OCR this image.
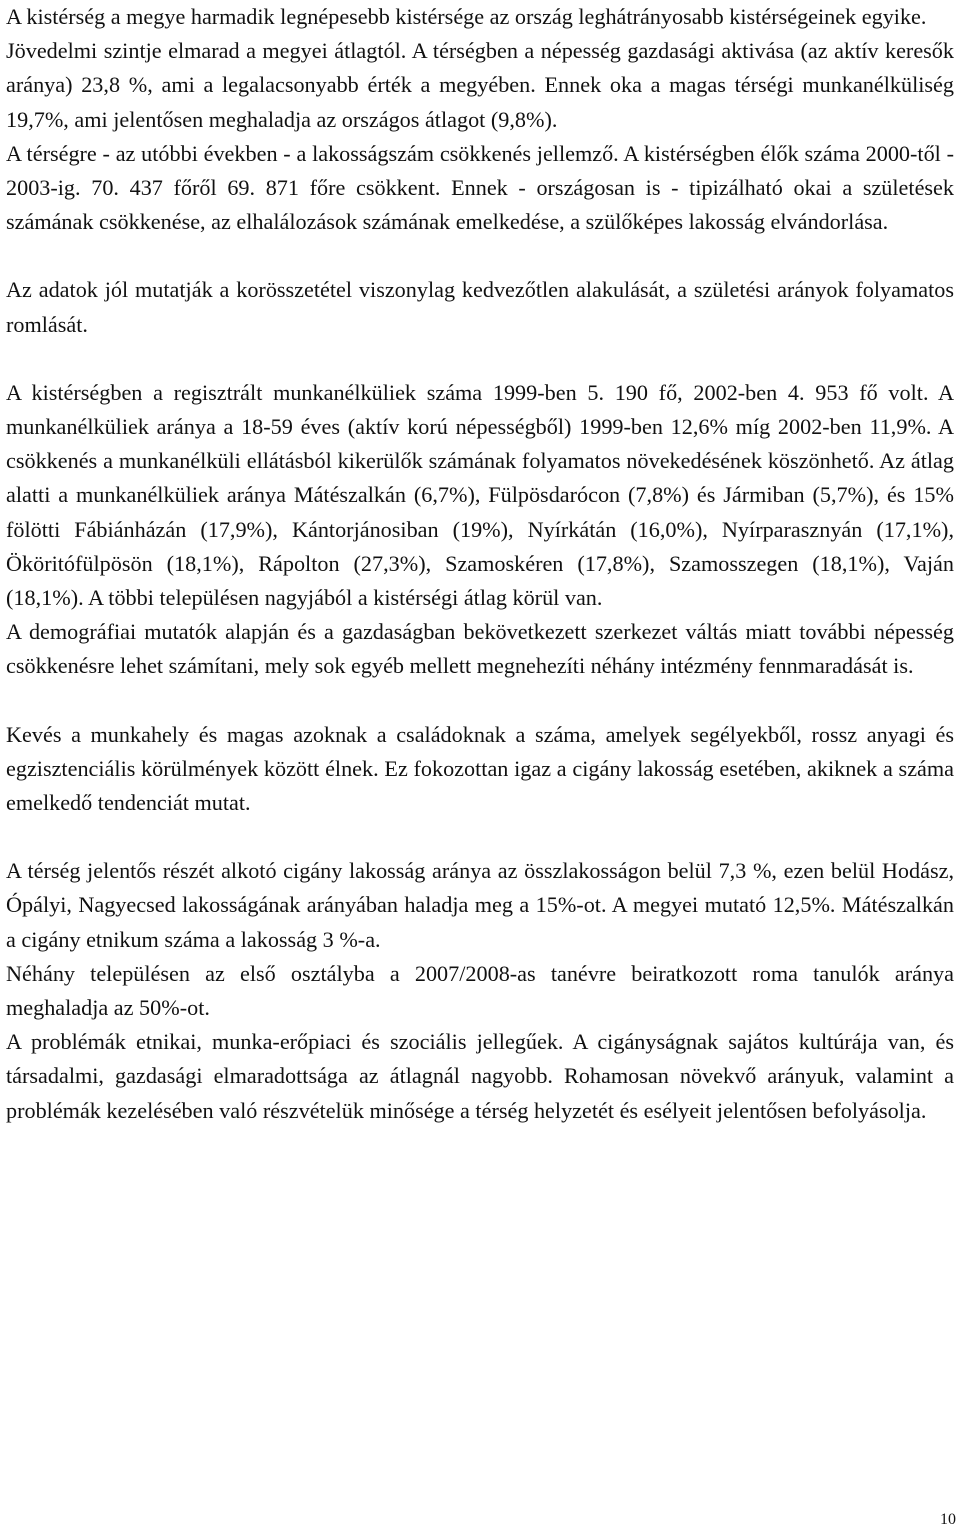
A kistérség a megye harmadik legnépesebb kistérsége az ország leghátrányosabb kistérségeinek egyike.

Jövedelmi szintje elmarad a megyei átlagtól. A térségben a népesség gazdasági aktivása (az aktív keresők aránya) 23,8 %, ami a legalacsonyabb érték a megyében. Ennek oka a magas térségi munkanélküliség 19,7%, ami jelentősen meghaladja az országos átlagot (9,8%).

A térségre - az utóbbi években - a lakosságszám csökkenés jellemző. A kistérségben élők száma 2000-től - 2003-ig. 70. 437 főről 69. 871 főre csökkent. Ennek - országosan is - tipizálható okai a születések számának csökkenése, az elhalálozások számának emelkedése, a szülőképes lakosság elvándorlása.

Az adatok jól mutatják a korösszetétel viszonylag kedvezőtlen alakulását, a születési arányok folyamatos romlását.

A kistérségben a regisztrált munkanélküliek száma 1999-ben 5. 190 fő, 2002-ben 4. 953 fő volt. A munkanélküliek aránya a 18-59 éves (aktív korú népességből) 1999-ben 12,6% míg 2002-ben 11,9%. A csökkenés a munkanélküli ellátásból kikerülők számának folyamatos növekedésének köszönhető. Az átlag alatti a munkanélküliek aránya Mátészalkán (6,7%), Fülpösdarócon (7,8%) és Jármiban (5,7%), és 15% fölötti Fábiánházán (17,9%), Kántorjánosiban (19%), Nyírkátán (16,0%), Nyírparasznyán (17,1%), Ököritófülpösön (18,1%), Rápolton (27,3%), Szamoskéren (17,8%), Szamosszegen (18,1%), Vaján (18,1%). A többi településen nagyjából a kistérségi átlag körül van.

A demográfiai mutatók alapján és a gazdaságban bekövetkezett szerkezet váltás miatt további népesség csökkenésre lehet számítani, mely sok egyéb mellett megnehezíti néhány intézmény fennmaradását is.

Kevés a munkahely és magas azoknak a családoknak a száma, amelyek segélyekből, rossz anyagi és egzisztenciális körülmények között élnek. Ez fokozottan igaz a cigány lakosság esetében, akiknek a száma emelkedő tendenciát mutat.

A térség jelentős részét alkotó cigány lakosság aránya az összlakosságon belül 7,3 %, ezen belül Hodász, Ópályi, Nagyecsed lakosságának arányában haladja meg a 15%-ot. A megyei mutató 12,5%. Mátészalkán a cigány etnikum száma a lakosság 3 %-a.

Néhány településen az első osztályba a 2007/2008-as tanévre beiratkozott roma tanulók aránya meghaladja az 50%-ot.

A problémák etnikai, munka-erőpiaci és szociális jellegűek. A cigányságnak sajátos kultúrája van, és társadalmi, gazdasági elmaradottsága az átlagnál nagyobb. Rohamosan növekvő arányuk, valamint a problémák kezelésében való részvételük minősége a térség helyzetét és esélyeit jelentősen befolyásolja.

10
